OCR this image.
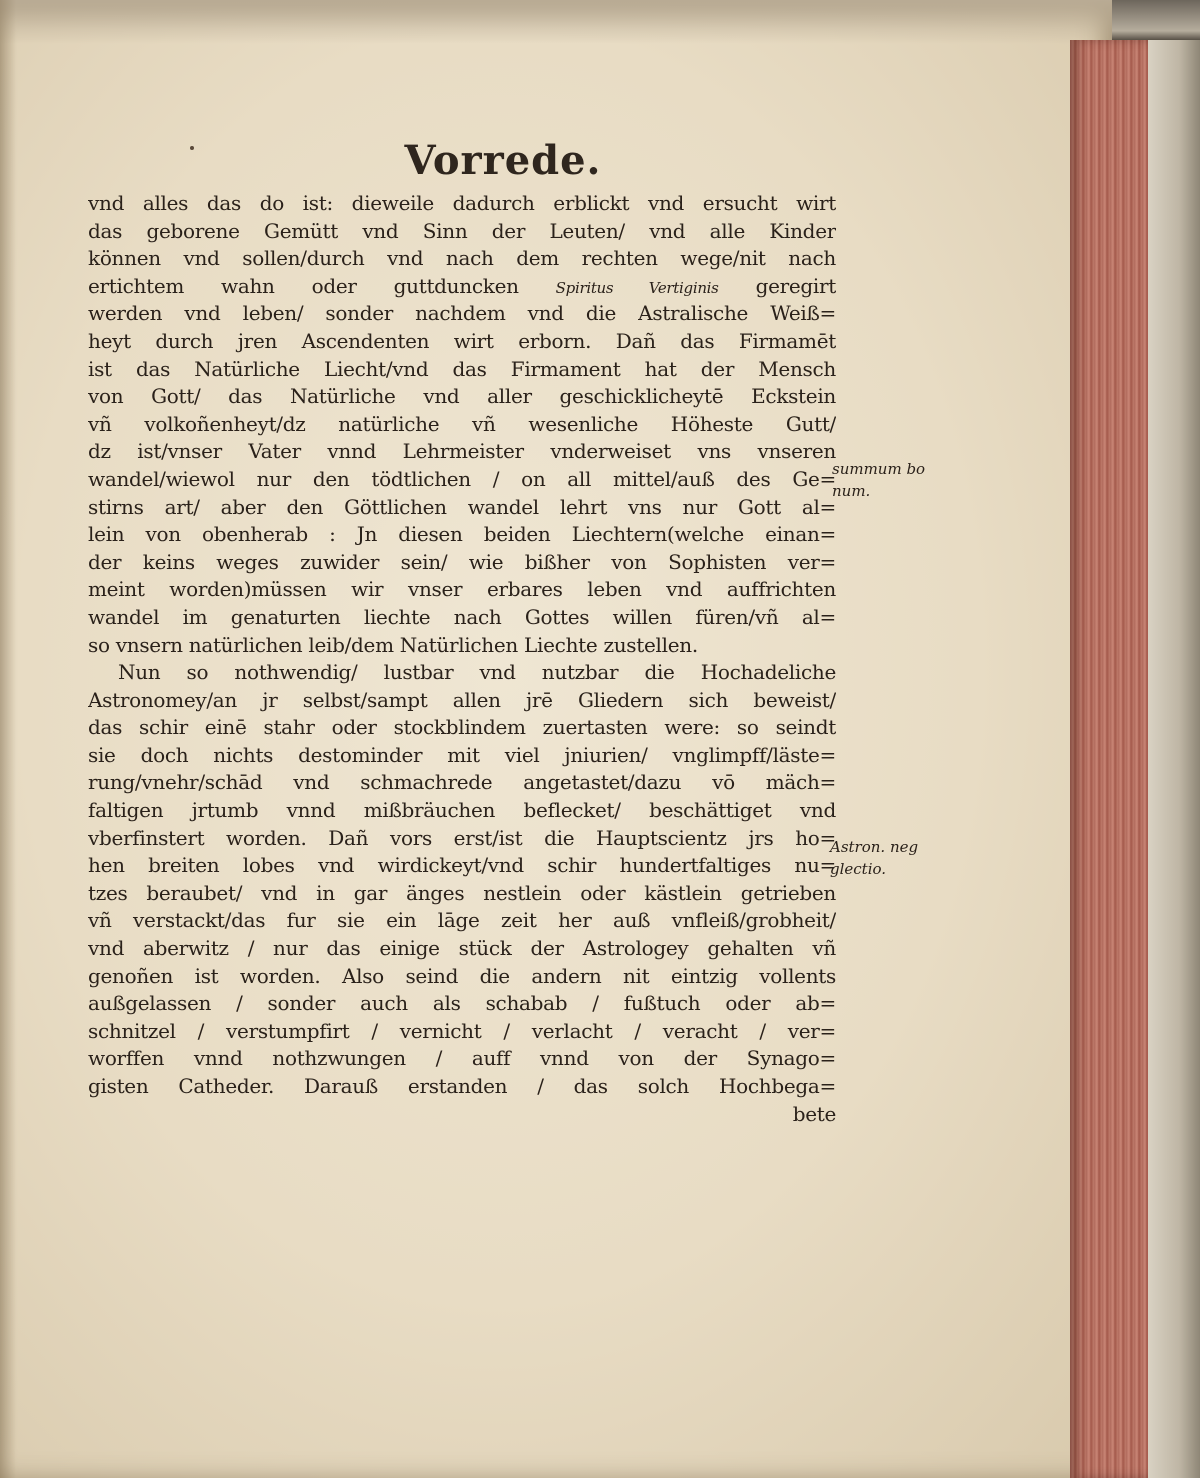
Vorrede.
vnd alles das do ist: dieweile dadurch erblickt vnd ersucht wirt
das geborene Gemütt vnd Sinn der Leuten/ vnd alle Kinder
können vnd sollen/durch vnd nach dem rechten wege/nit nach
ertichtem wahn oder guttduncken Spiritus Vertiginis geregirt
werden vnd leben/ sonder nachdem vnd die Astralische Weiß=
heyt durch jren Ascendenten wirt erborn. Dañ das Firmamēt
ist das Natürliche Liecht/vnd das Firmament hat der Mensch
von Gott/ das Natürliche vnd aller geschicklicheytē Eckstein
vñ volkoñenheyt/dz natürliche vñ wesenliche Höheste Gutt/
dz ist/vnser Vater vnnd Lehrmeister vnderweiset vns vnseren
wandel/wiewol nur den tödtlichen / on all mittel/auß des Ge=
stirns art/ aber den Göttlichen wandel lehrt vns nur Gott al=
lein von obenherab : Jn diesen beiden Liechtern(welche einan=
der keins weges zuwider sein/ wie bißher von Sophisten ver=
meint worden)müssen wir vnser erbares leben vnd auffrichten
wandel im genaturten liechte nach Gottes willen füren/vñ al=
so vnsern natürlichen leib/dem Natürlichen Liechte zustellen.
Nun so nothwendig/ lustbar vnd nutzbar die Hochadeliche
Astronomey/an jr selbst/sampt allen jrē Gliedern sich beweist/
das schir einē stahr oder stockblindem zuertasten were: so seindt
sie doch nichts destominder mit viel jniurien/ vnglimpff/läste=
rung/vnehr/schād vnd schmachrede angetastet/dazu vō mäch=
faltigen jrtumb vnnd mißbräuchen beflecket/ beschättiget vnd
vberfinstert worden. Dañ vors erst/ist die Hauptscientz jrs ho=
hen breiten lobes vnd wirdickeyt/vnd schir hundertfaltiges nu=
tzes beraubet/ vnd in gar änges nestlein oder kästlein getrieben
vñ verstackt/das fur sie ein lāge zeit her auß vnfleiß/grobheit/
vnd aberwitz / nur das einige stück der Astrologey gehalten vñ
genoñen ist worden. Also seind die andern nit eintzig vollents
außgelassen / sonder auch als schabab / fußtuch oder ab=
schnitzel / verstumpfirt / vernicht / verlacht / veracht / ver=
worffen vnnd nothzwungen / auff vnnd von der Synago=
gisten Catheder. Darauß erstanden / das solch Hochbega=
bete
summum bo
num.
Astron. neg
glectio.
